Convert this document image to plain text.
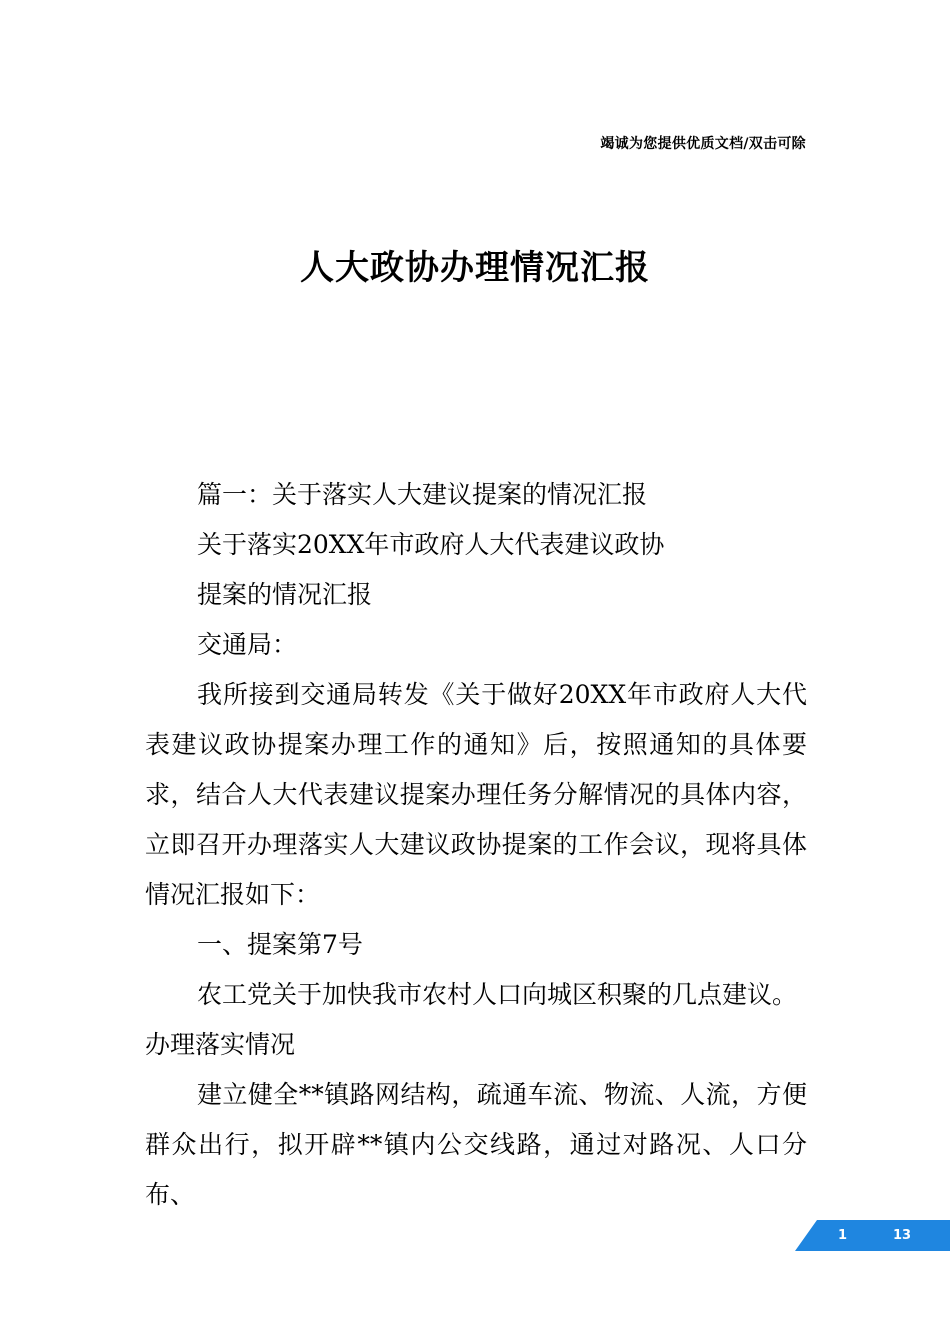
竭诚为您提供优质文档/双击可除
人大政协办理情况汇报

篇一：关于落实人大建议提案的情况汇报

关于落实20XX年市政府人大代表建议政协

提案的情况汇报

交通局：

我所接到交通局转发《关于做好20XX年市政府人大代表建议政协提案办理工作的通知》后，按照通知的具体要求，结合人大代表建议提案办理任务分解情况的具体内容，立即召开办理落实人大建议政协提案的工作会议，现将具体情况汇报如下：

一、提案第7号

农工党关于加快我市农村人口向城区积聚的几点建议。

办理落实情况

建立健全**镇路网结构，疏通车流、物流、人流，方便群众出行，拟开辟**镇内公交线路，通过对路况、人口分布、

1	13
